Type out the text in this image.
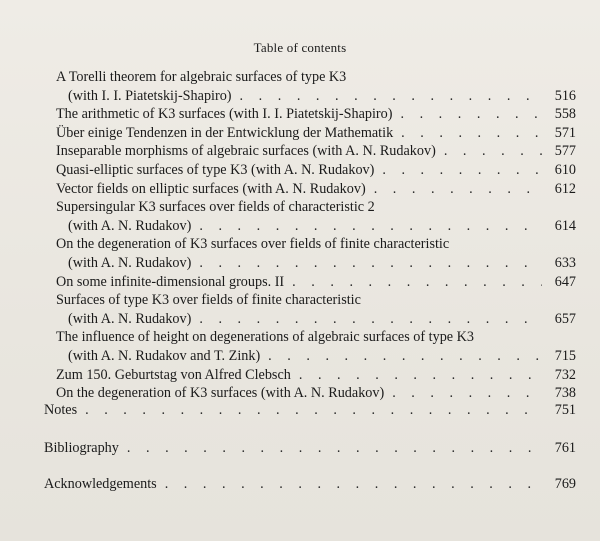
Table of contents
A Torelli theorem for algebraic surfaces of type K3
(with I. I. Piatetskij-Shapiro) . . .	516
The arithmetic of K3 surfaces (with I. I. Piatetskij-Shapiro) . . .	558
Über einige Tendenzen in der Entwicklung der Mathematik . . .	571
Inseparable morphisms of algebraic surfaces (with A. N. Rudakov) . . .	577
Quasi-elliptic surfaces of type K3 (with A. N. Rudakov) . . .	610
Vector fields on elliptic surfaces (with A. N. Rudakov) . . .	612
Supersingular K3 surfaces over fields of characteristic 2
(with A. N. Rudakov) . . .	614
On the degeneration of K3 surfaces over fields of finite characteristic
(with A. N. Rudakov) . . .	633
On some infinite-dimensional groups. II . . .	647
Surfaces of type K3 over fields of finite characteristic
(with A. N. Rudakov) . . .	657
The influence of height on degenerations of algebraic surfaces of type K3
(with A. N. Rudakov and T. Zink) . . .	715
Zum 150. Geburtstag von Alfred Clebsch . . .	732
On the degeneration of K3 surfaces (with A. N. Rudakov) . . .	738
Notes . . .	751
Bibliography . . .	761
Acknowledgements . . .	769
